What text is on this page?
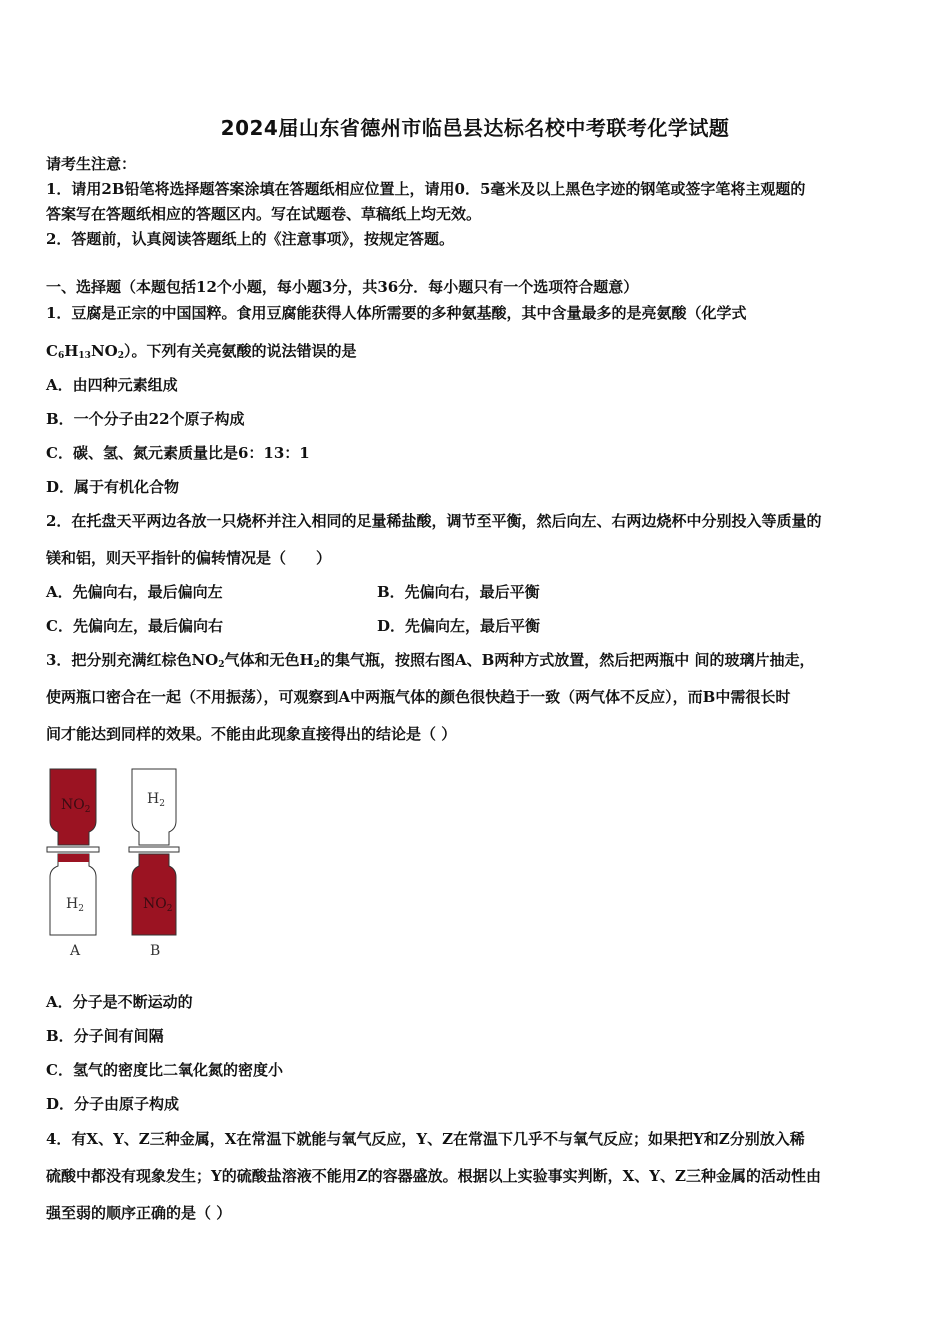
2024届山东省德州市临邑县达标名校中考联考化学试题
请考生注意：
1．请用2B铅笔将选择题答案涂填在答题纸相应位置上，请用0．5毫米及以上黑色字迹的钢笔或签字笔将主观题的
答案写在答题纸相应的答题区内。写在试题卷、草稿纸上均无效。
2．答题前，认真阅读答题纸上的《注意事项》，按规定答题。
一、选择题（本题包括12个小题，每小题3分，共36分．每小题只有一个选项符合题意）
1．豆腐是正宗的中国国粹。食用豆腐能获得人体所需要的多种氨基酸，其中含量最多的是亮氨酸（化学式
$C_6H_{13}NO_2$）。下列有关亮氨酸的说法错误的是
A．由四种元素组成
B．一个分子由22个原子构成
C．碳、氢、氮元素质量比是6：13：1
D．属于有机化合物
2．在托盘天平两边各放一只烧杯并注入相同的足量稀盐酸，调节至平衡，然后向左、右两边烧杯中分别投入等质量的
镁和铝，则天平指针的偏转情况是（　　）
A．先偏向右，最后偏向左	B．先偏向右，最后平衡
C．先偏向左，最后偏向右	D．先偏向左，最后平衡
3．把分别充满红棕色$NO_2$气体和无色$H_2$的集气瓶，按照右图A、B两种方式放置，然后把两瓶中 间的玻璃片抽走，
使两瓶口密合在一起（不用振荡），可观察到A中两瓶气体的颜色很快趋于一致（两气体不反应），而B中需很长时
间才能达到同样的效果。不能由此现象直接得出的结论是（ ）
$NO_2$
$H_2$
A
$H_2$
$NO_2$
B
A．分子是不断运动的
B．分子间有间隔
C．氢气的密度比二氧化氮的密度小
D．分子由原子构成
4．有X、Y、Z三种金属，X在常温下就能与氧气反应，Y、Z在常温下几乎不与氧气反应；如果把Y和Z分别放入稀
硫酸中都没有现象发生；Y的硫酸盐溶液不能用Z的容器盛放。根据以上实验事实判断，X、Y、Z三种金属的活动性由
强至弱的顺序正确的是（ ）
